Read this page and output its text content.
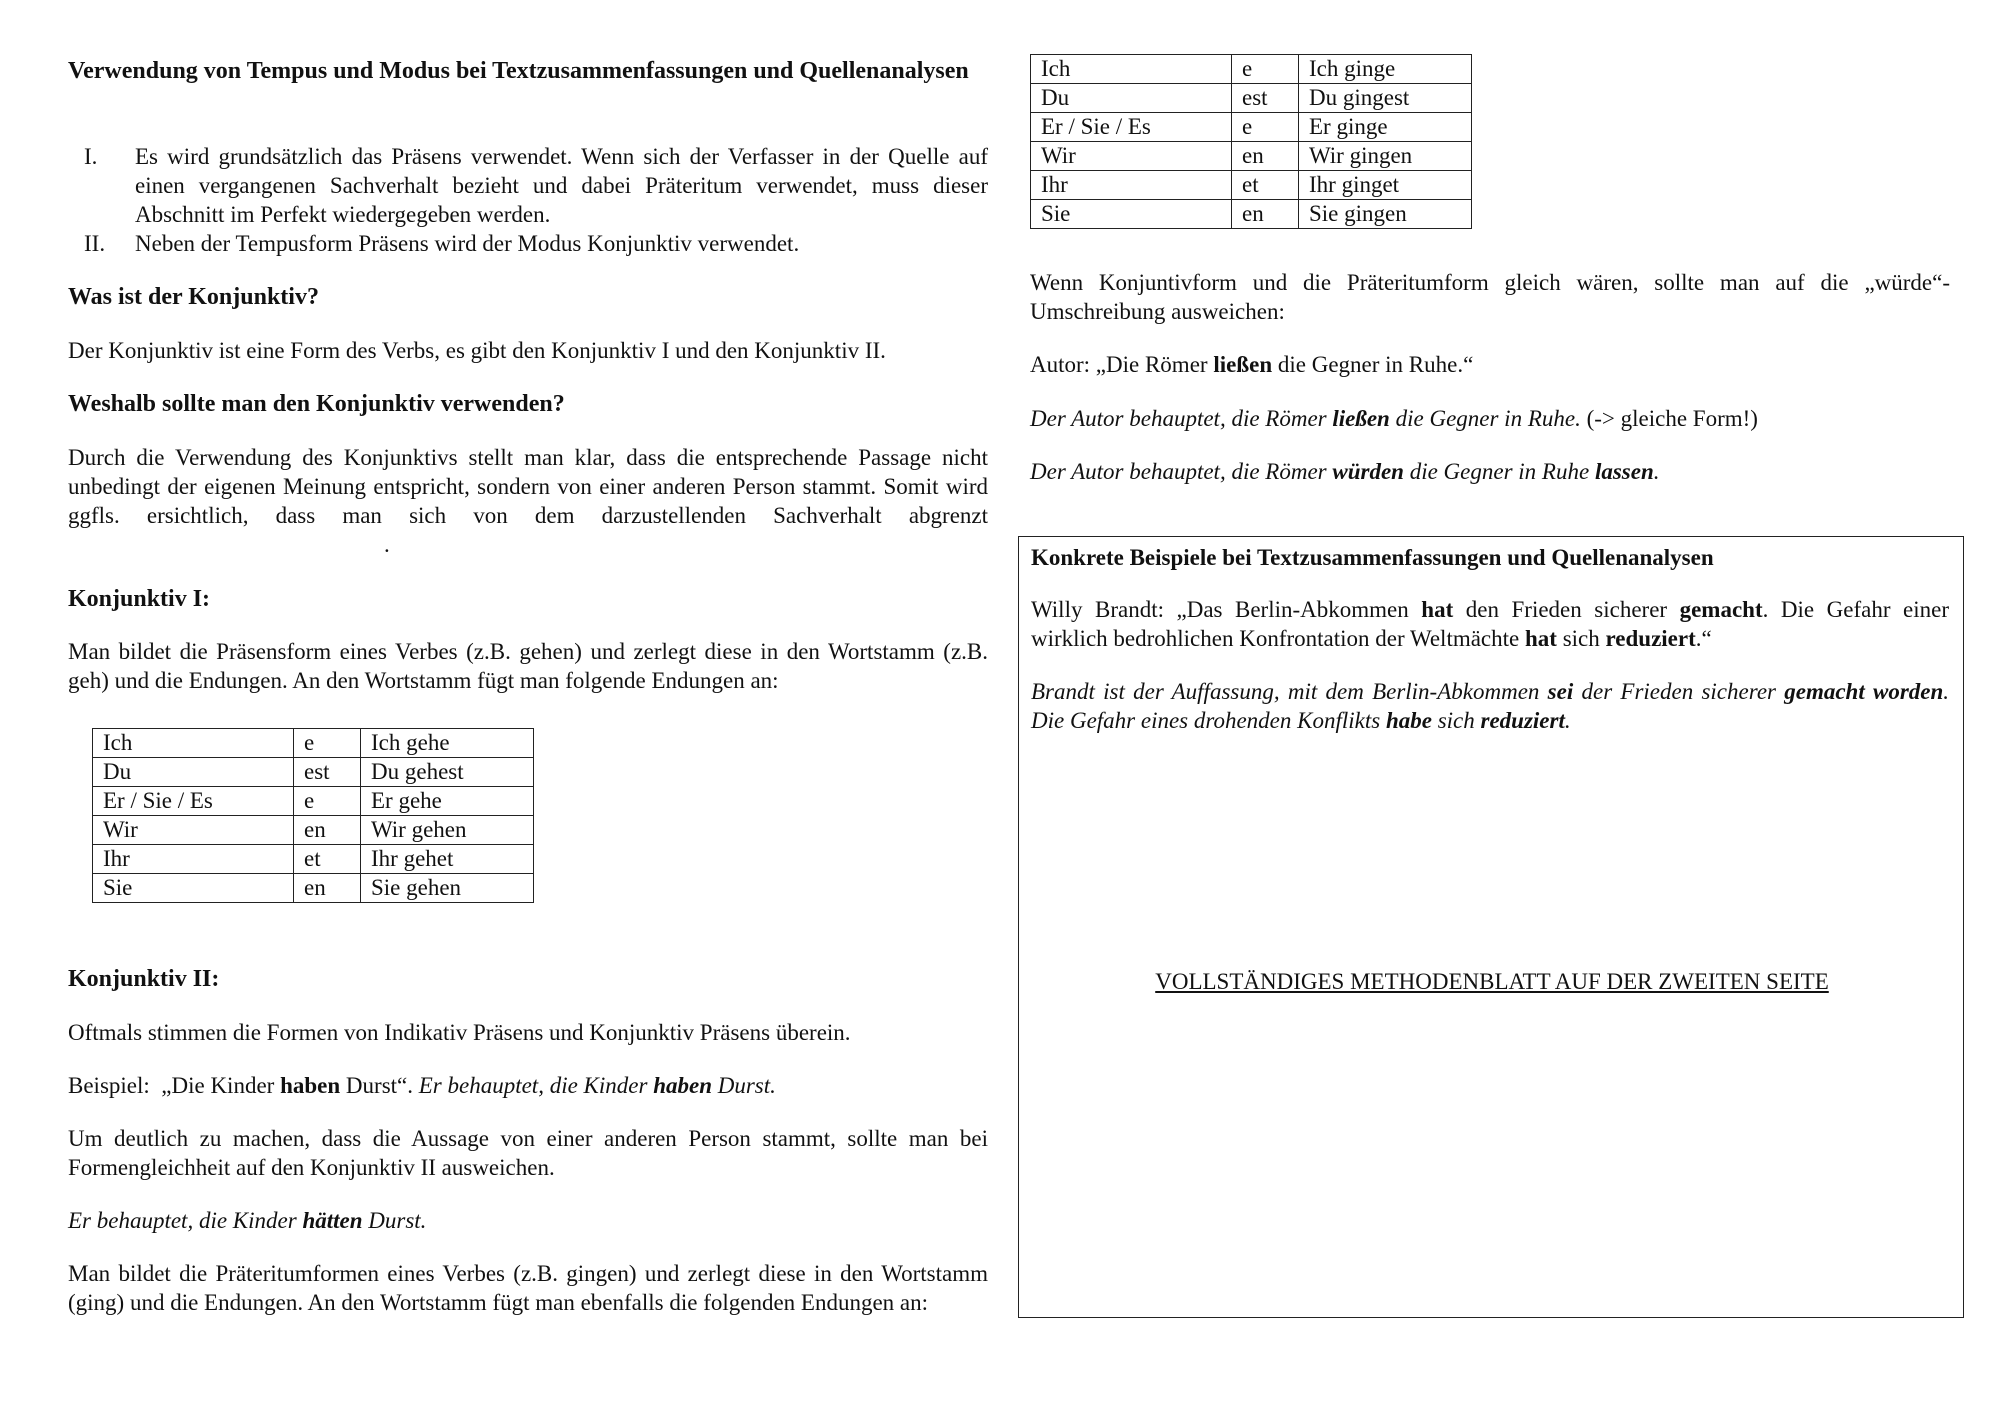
Verwendung von Tempus und Modus bei Textzusammenfassungen und Quellenanalysen
I. Es wird grundsätzlich das Präsens verwendet. Wenn sich der Verfasser in der Quelle auf einen vergangenen Sachverhalt bezieht und dabei Präteritum verwendet, muss dieser Abschnitt im Perfekt wiedergegeben werden.

II. Neben der Tempusform Präsens wird der Modus Konjunktiv verwendet.

Was ist der Konjunktiv?

Der Konjunktiv ist eine Form des Verbs, es gibt den Konjunktiv I und den Konjunktiv II.

Weshalb sollte man den Konjunktiv verwenden?

Durch die Verwendung des Konjunktivs stellt man klar, dass die entsprechende Passage nicht unbedingt der eigenen Meinung entspricht, sondern von einer anderen Person stammt. Somit wird ggfls. ersichtlich, dass man sich von dem darzustellenden Sachverhalt abgrenzt.

Konjunktiv I:

Man bildet die Präsensform eines Verbes (z.B. gehen) und zerlegt diese in den Wortstamm (z.B. geh) und die Endungen. An den Wortstamm fügt man folgende Endungen an:

Ich	e	Ich gehe
Du	est	Du gehest
Er / Sie / Es	e	Er gehe
Wir	en	Wir gehen
Ihr	et	Ihr gehet
Sie	en	Sie gehen
Konjunktiv II:

Oftmals stimmen die Formen von Indikativ Präsens und Konjunktiv Präsens überein.

Beispiel: „Die Kinder haben Durst“. Er behauptet, die Kinder haben Durst.

Um deutlich zu machen, dass die Aussage von einer anderen Person stammt, sollte man bei Formengleichheit auf den Konjunktiv II ausweichen.

Er behauptet, die Kinder hätten Durst.

Man bildet die Präteritumformen eines Verbes (z.B. gingen) und zerlegt diese in den Wortstamm (ging) und die Endungen. An den Wortstamm fügt man ebenfalls die folgenden Endungen an:

Ich	e	Ich ginge
Du	est	Du gingest
Er / Sie / Es	e	Er ginge
Wir	en	Wir gingen
Ihr	et	Ihr ginget
Sie	en	Sie gingen

Wenn Konjuntivform und die Präteritumform gleich wären, sollte man auf die „würde“-Umschreibung ausweichen:

Autor: „Die Römer ließen die Gegner in Ruhe.“

Der Autor behauptet, die Römer ließen die Gegner in Ruhe. (-> gleiche Form!)

Der Autor behauptet, die Römer würden die Gegner in Ruhe lassen.

Konkrete Beispiele bei Textzusammenfassungen und Quellenanalysen

Willy Brandt: „Das Berlin-Abkommen hat den Frieden sicherer gemacht. Die Gefahr einer wirklich bedrohlichen Konfrontation der Weltmächte hat sich reduziert.“

Brandt ist der Auffassung, mit dem Berlin-Abkommen sei der Frieden sicherer gemacht worden. Die Gefahr eines drohenden Konflikts habe sich reduziert.

VOLLSTÄNDIGES METHODENBLATT AUF DER ZWEITEN SEITE
